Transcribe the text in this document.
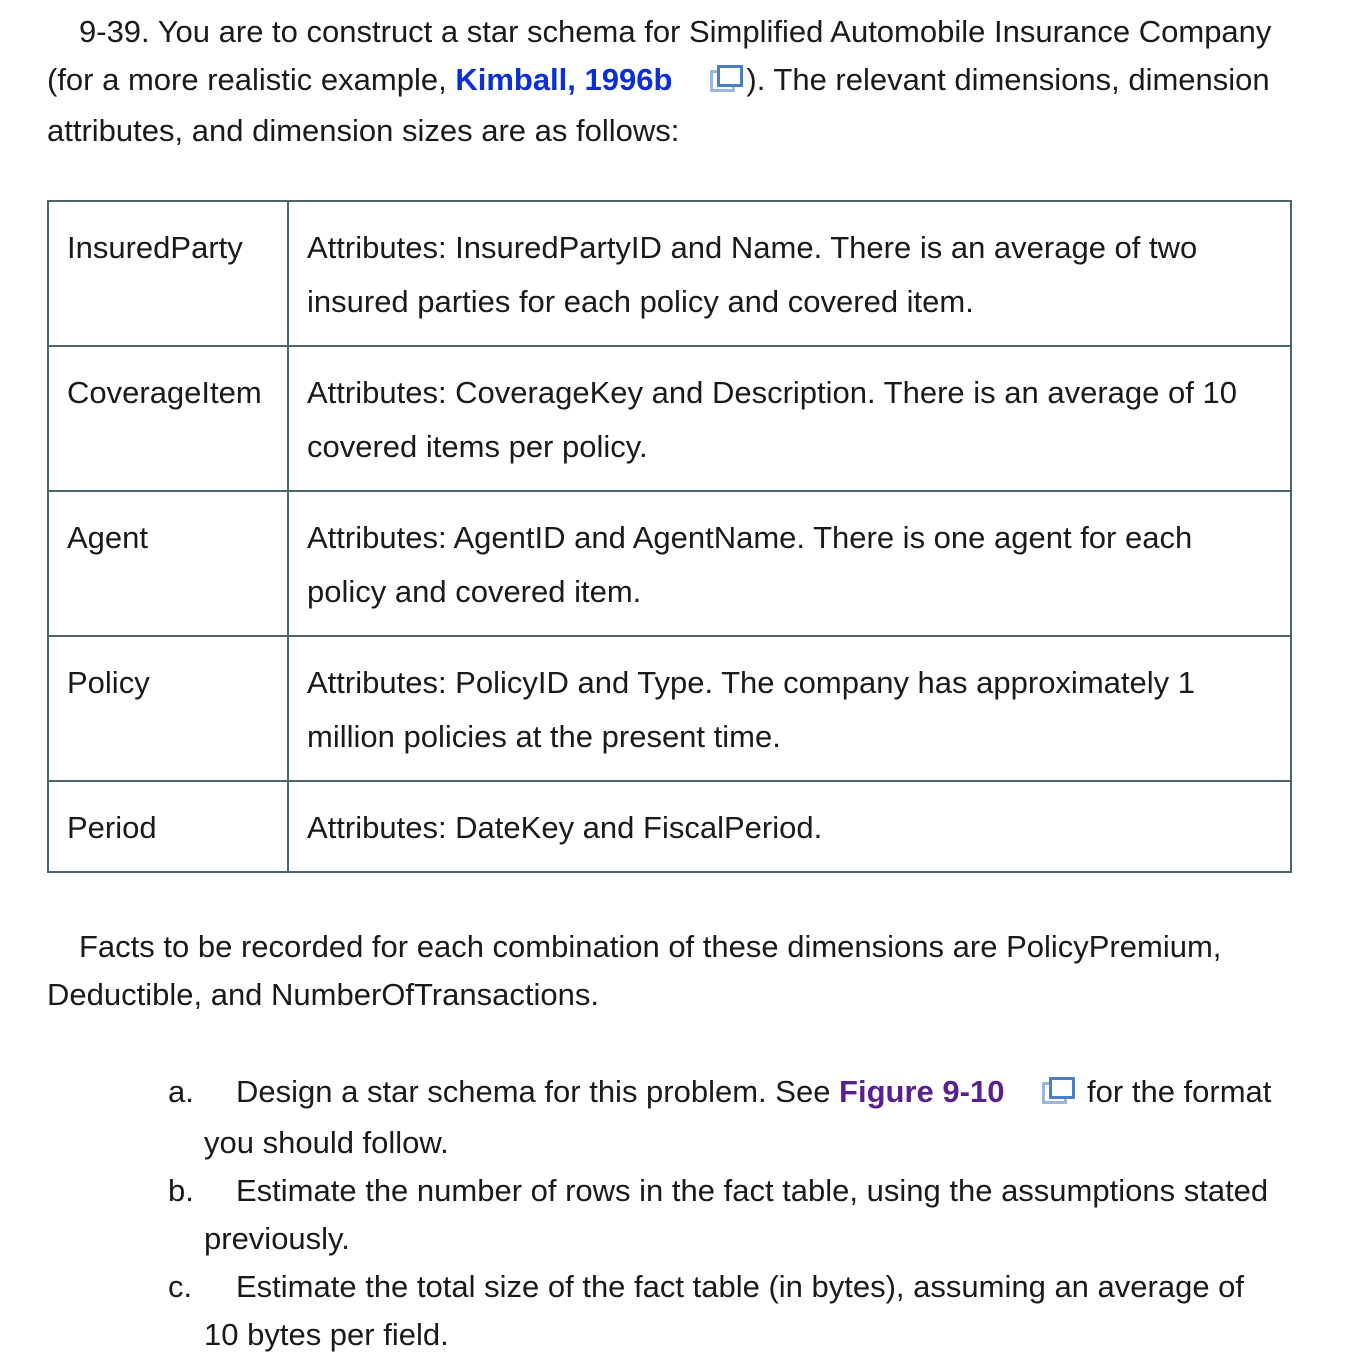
9-39. You are to construct a star schema for Simplified Automobile Insurance Company (for a more realistic example, Kimball, 1996b ). The relevant dimensions, dimension attributes, and dimension sizes are as follows:

InsuredParty	Attributes: InsuredPartyID and Name. There is an average of two insured parties for each policy and covered item.
CoverageItem	Attributes: CoverageKey and Description. There is an average of 10 covered items per policy.
Agent	Attributes: AgentID and AgentName. There is one agent for each policy and covered item.
Policy	Attributes: PolicyID and Type. The company has approximately 1 million policies at the present time.
Period	Attributes: DateKey and FiscalPeriod.

Facts to be recorded for each combination of these dimensions are PolicyPremium, Deductible, and NumberOfTransactions.

a.	Design a star schema for this problem. See Figure 9-10 for the format you should follow.
b.	Estimate the number of rows in the fact table, using the assumptions stated previously.
c.	Estimate the total size of the fact table (in bytes), assuming an average of 10 bytes per field.
